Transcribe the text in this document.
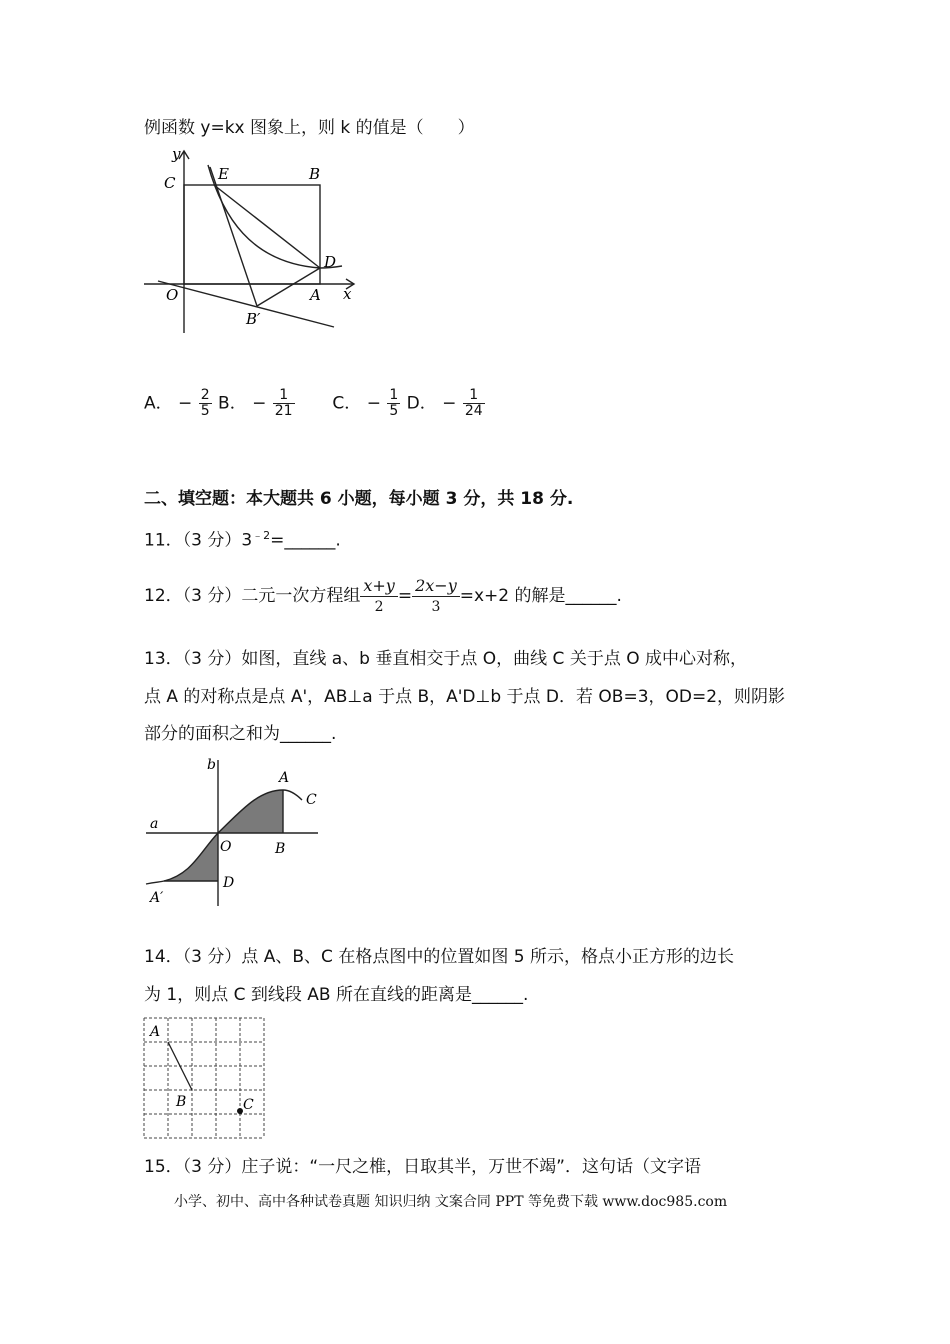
例函数 y=kx 图象上，则 k 的值是（　　）
y
C	E	B
D
O	A x
B′
A． − $\frac{2}{5}$ B． − $\frac{1}{21}$ C． − $\frac{1}{5}$ D． − $\frac{1}{24}$
二、填空题：本大题共 6 小题，每小题 3 分，共 18 分.
11．（3 分）$3^{﹣2}=\_\_\_\_\_\_$.
12．（3 分）二元一次方程组 $\frac{x+y}{2} = \frac{2x-y}{3} =x+2$ 的解是______.
13．（3 分）如图，直线 a、b 垂直相交于点 O，曲线 C 关于点 O 成中心对称，
点 A 的对称点是点 A'，AB⊥a 于点 B，A'D⊥b 于点 D．若 OB=3，OD=2，则阴影
部分的面积之和为______.
b
A
C
a
O	B
D
A′
14．（3 分）点 A、B、C 在格点图中的位置如图 5 所示，格点小正方形的边长
为 1，则点 C 到线段 AB 所在直线的距离是______.
A
B	C
15．（3 分）庄子说：“一尺之椎，日取其半，万世不竭”．这句话（文字语
小学、初中、高中各种试卷真题 知识归纳 文案合同 PPT 等免费下载 www.doc985.com
